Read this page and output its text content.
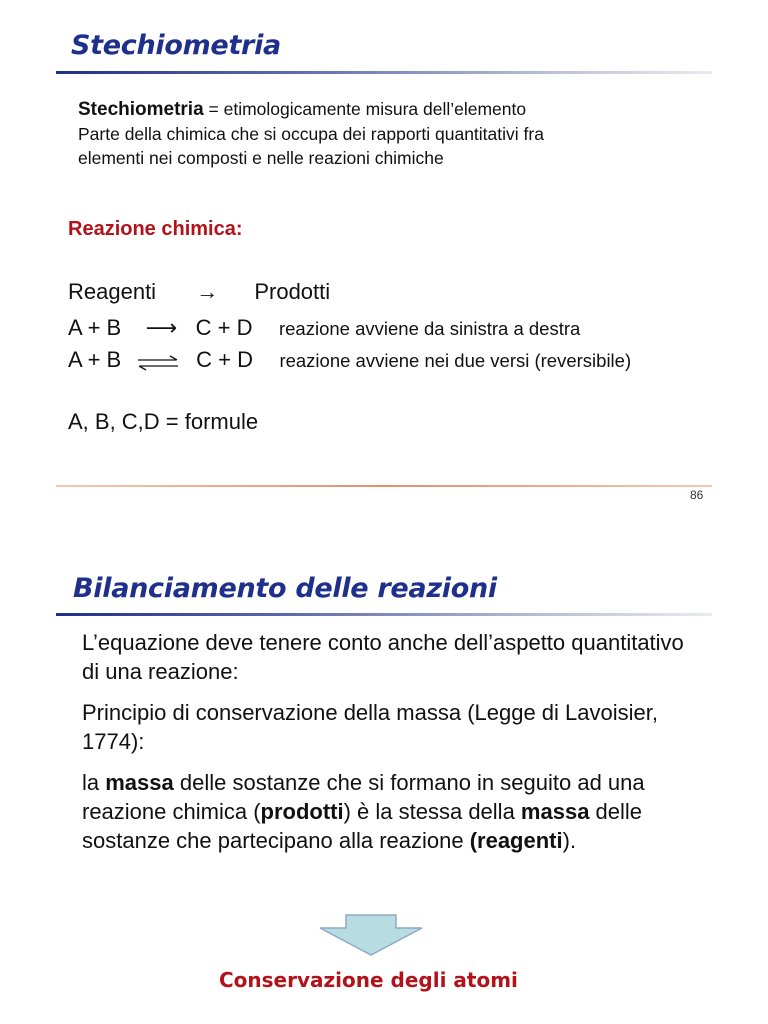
Stechiometria
Stechiometria = etimologicamente misura dell’elemento
Parte della chimica che si occupa dei rapporti quantitativi fra
elementi nei composti e nelle reazioni chimiche
Reazione chimica:
Reagenti → Prodotti
A + B ⟶ C + D reazione avviene da sinistra a destra
A + B ⇌ C + D reazione avviene nei due versi (reversibile)
A, B, C,D = formule
86
Bilanciamento delle reazioni

L’equazione deve tenere conto anche dell’aspetto quantitativo di una reazione:

Principio di conservazione della massa (Legge di Lavoisier, 1774):

la massa delle sostanze che si formano in seguito ad una reazione chimica (prodotti) è la stessa della massa delle sostanze che partecipano alla reazione (reagenti).

Conservazione degli atomi
